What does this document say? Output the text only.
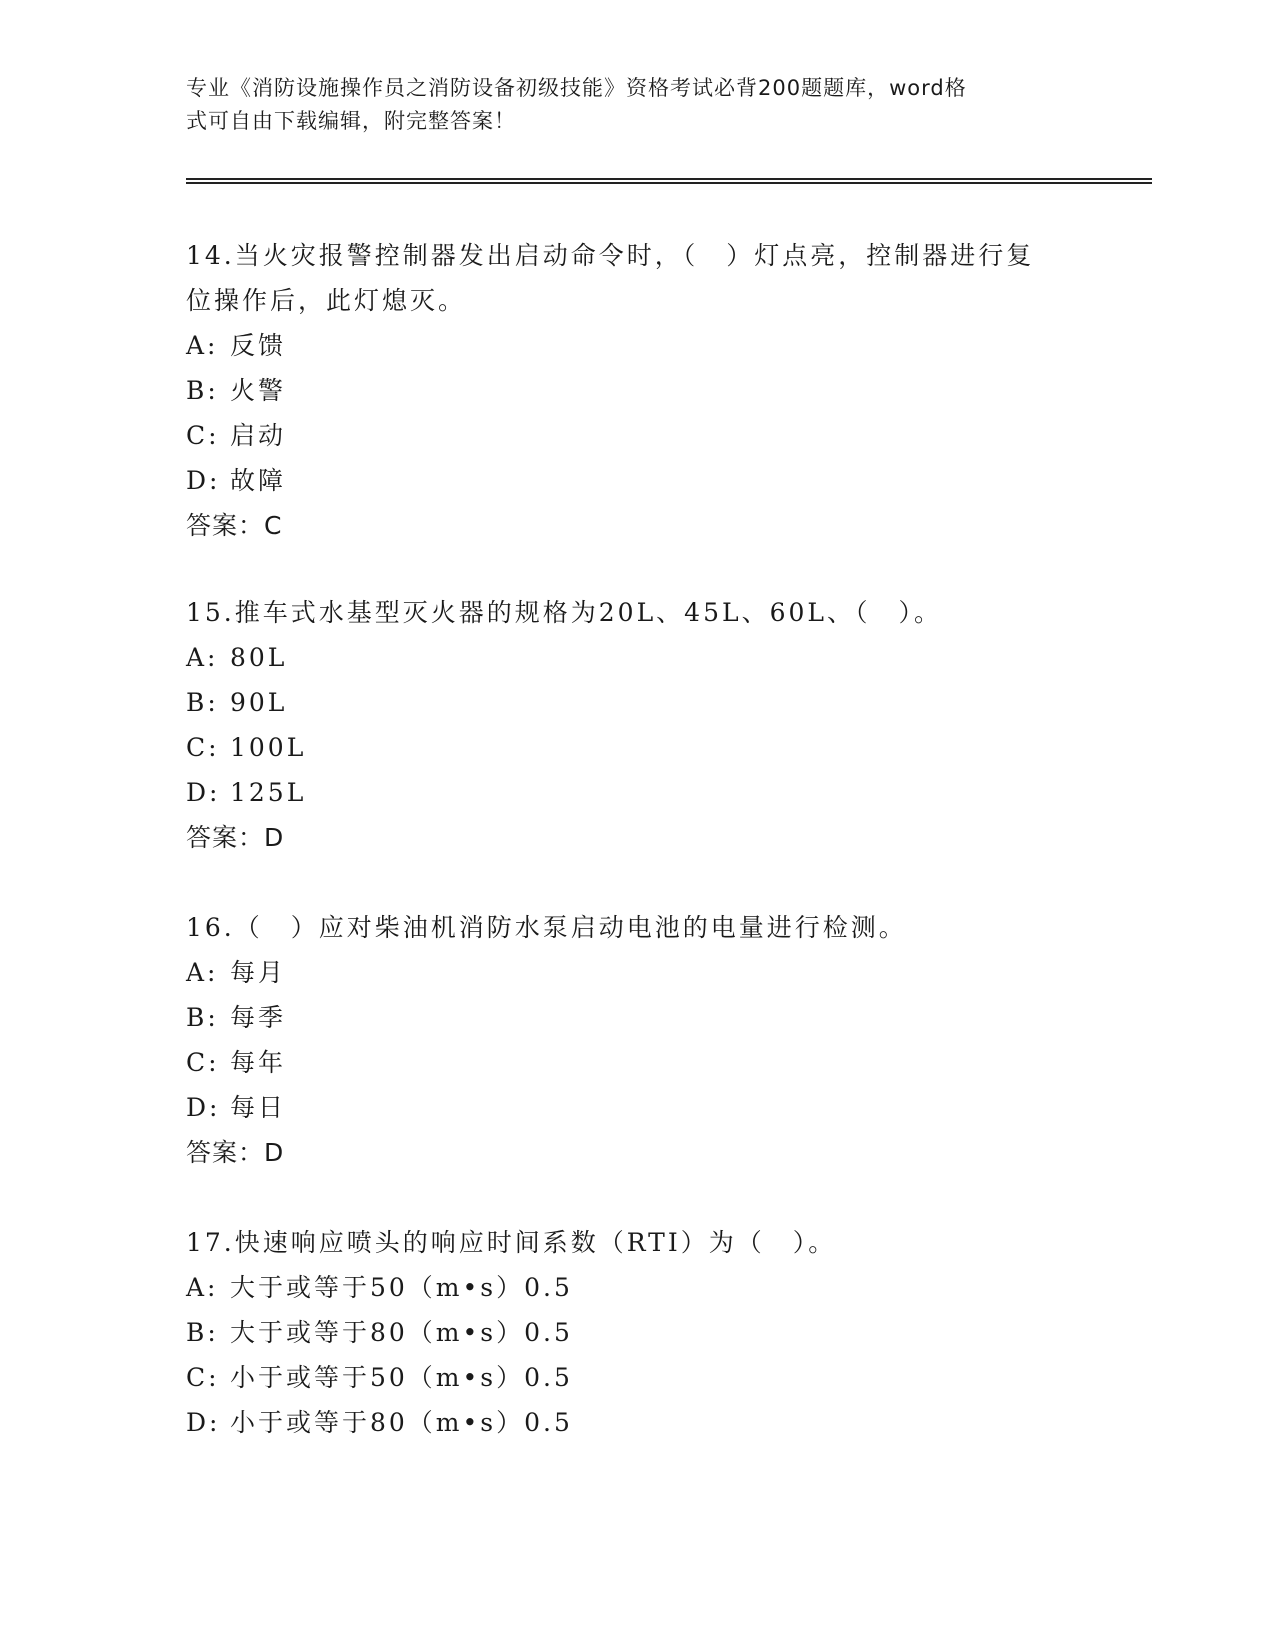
专业《消防设施操作员之消防设备初级技能》资格考试必背200题题库，word格
式可自由下载编辑，附完整答案！

14.当火灾报警控制器发出启动命令时，（　）灯点亮，控制器进行复

位操作后，此灯熄灭。

A: 反馈

B: 火警

C: 启动

D: 故障

答案：C

15.推车式水基型灭火器的规格为20L、45L、60L、（　）。

A: 80L

B: 90L

C: 100L

D: 125L

答案：D

16.（　）应对柴油机消防水泵启动电池的电量进行检测。

A: 每月

B: 每季

C: 每年

D: 每日

答案：D

17.快速响应喷头的响应时间系数（RTI）为（　）。

A: 大于或等于50（m•s）0.5

B: 大于或等于80（m•s）0.5

C: 小于或等于50（m•s）0.5

D: 小于或等于80（m•s）0.5
